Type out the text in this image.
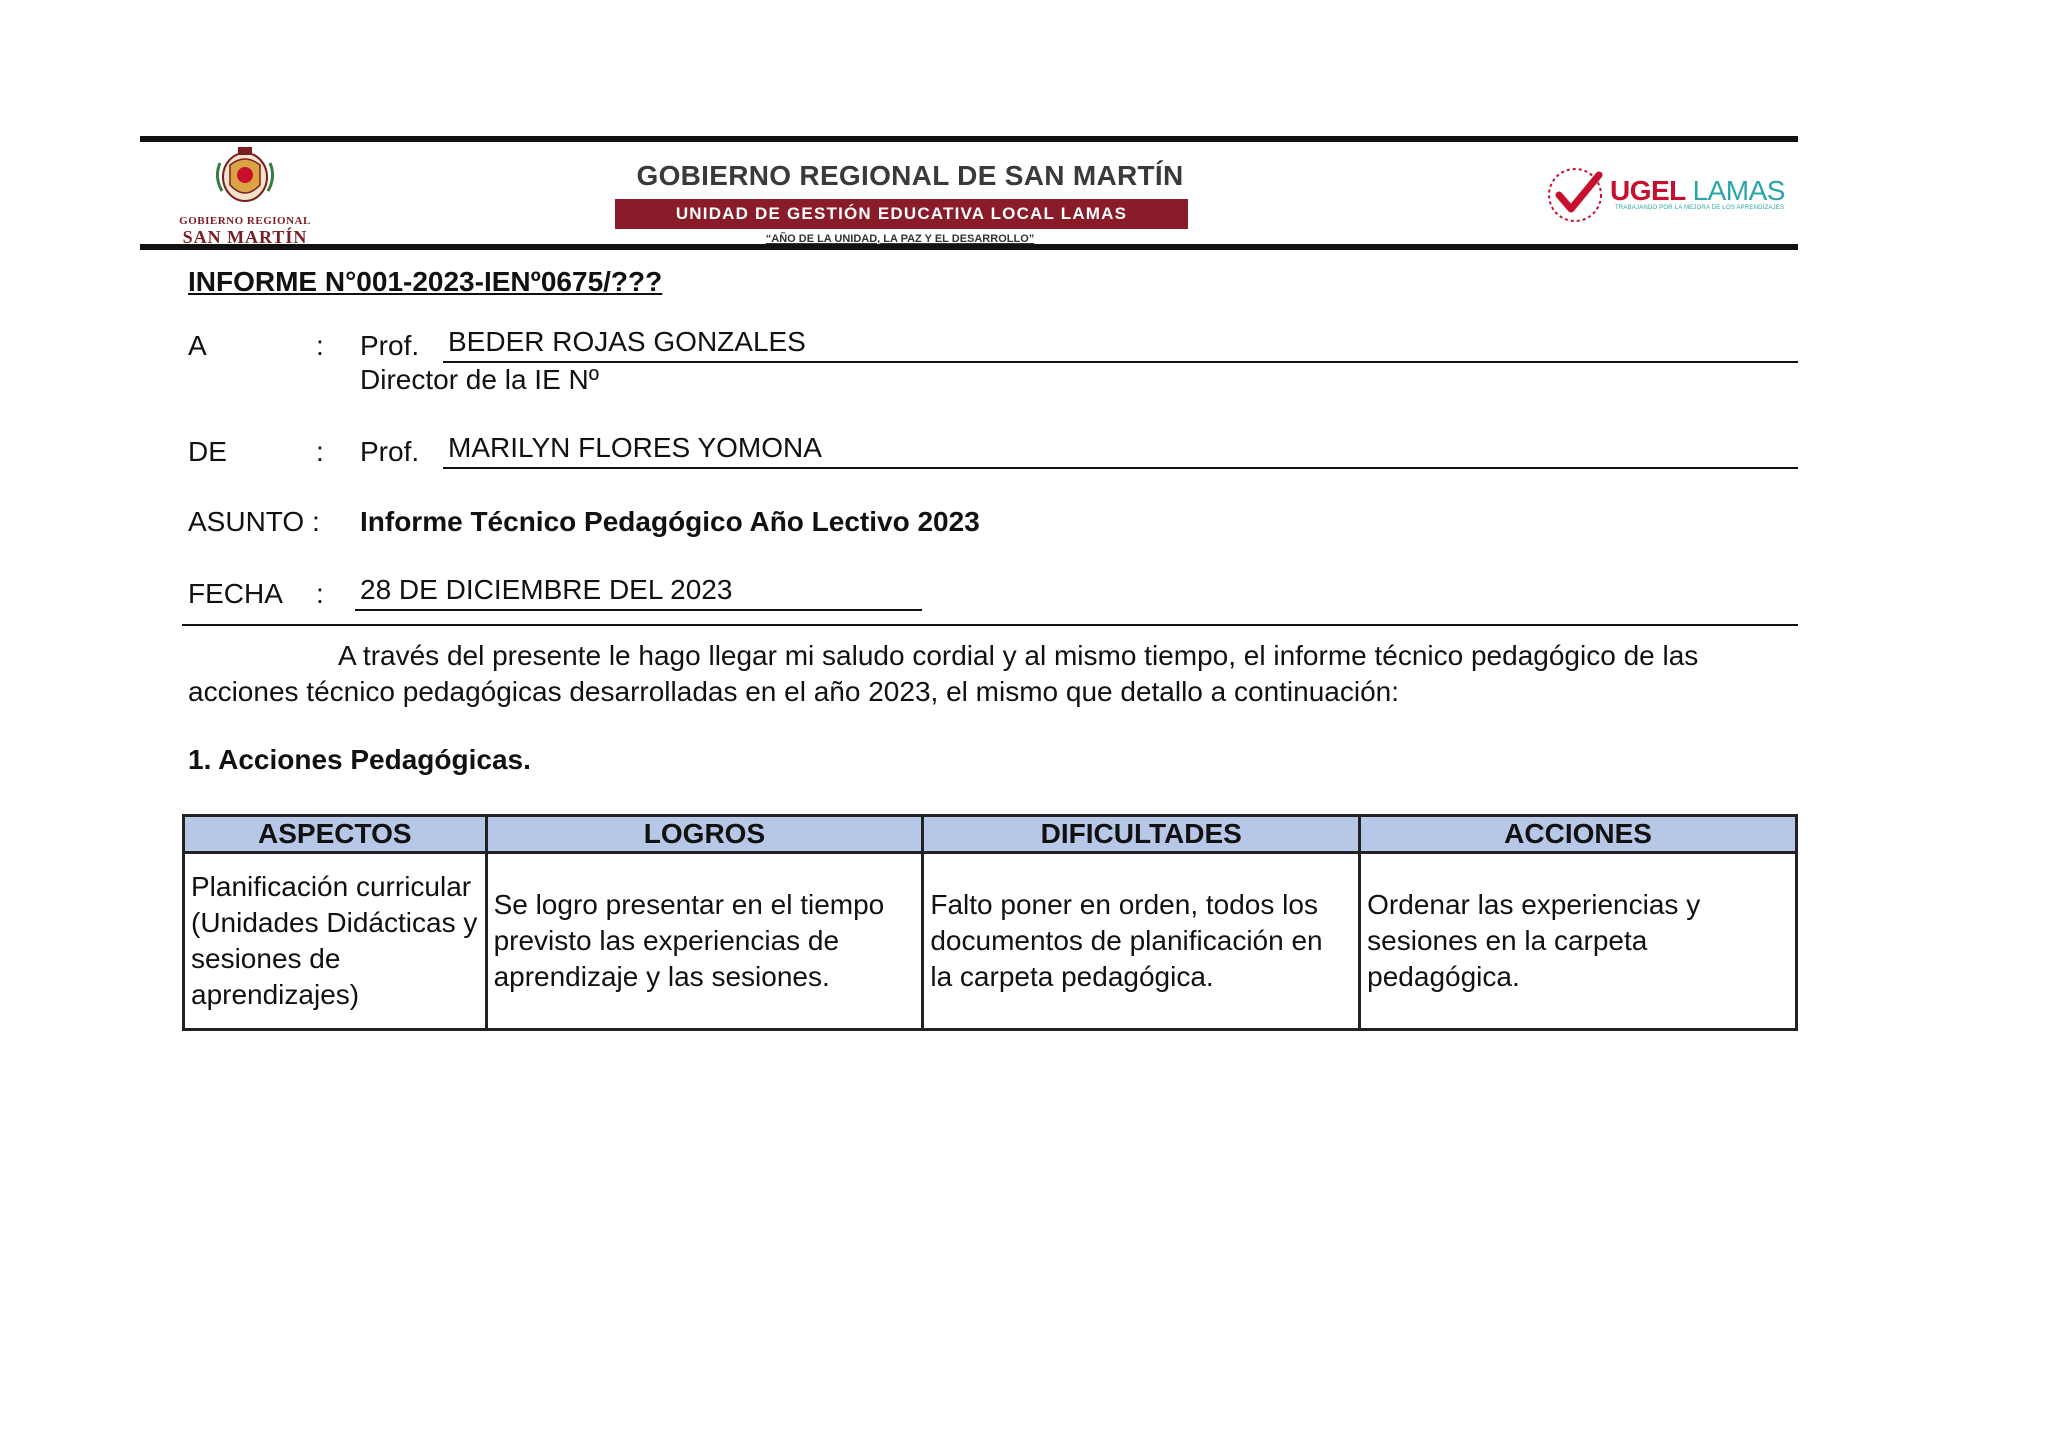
GOBIERNO REGIONAL
SAN MARTÍN
GOBIERNO REGIONAL DE SAN MARTÍN
UNIDAD DE GESTIÓN EDUCATIVA LOCAL LAMAS
“AÑO DE LA UNIDAD, LA PAZ Y EL DESARROLLO”
UGEL LAMAS
TRABAJANDO POR LA MEJORA DE LOS APRENDIZAJES
INFORME N°001-2023-IENº0675/???
A	: Prof. BEDER ROJAS GONZALES
Director de la IE Nº
DE	: Prof. MARILYN FLORES YOMONA
ASUNTO : Informe Técnico Pedagógico Año Lectivo 2023
FECHA : 28 DE DICIEMBRE DEL 2023
A través del presente le hago llegar mi saludo cordial y al mismo tiempo, el informe técnico pedagógico de las acciones técnico pedagógicas desarrolladas en el año 2023, el mismo que detallo a continuación:
1. Acciones Pedagógicas.
ASPECTOS	LOGROS	DIFICULTADES	ACCIONES
Planificación curricular (Unidades Didácticas y sesiones de aprendizajes)	Se logro presentar en el tiempo previsto las experiencias de aprendizaje y las sesiones.	Falto poner en orden, todos los documentos de planificación en la carpeta pedagógica.	Ordenar las experiencias y sesiones en la carpeta pedagógica.
